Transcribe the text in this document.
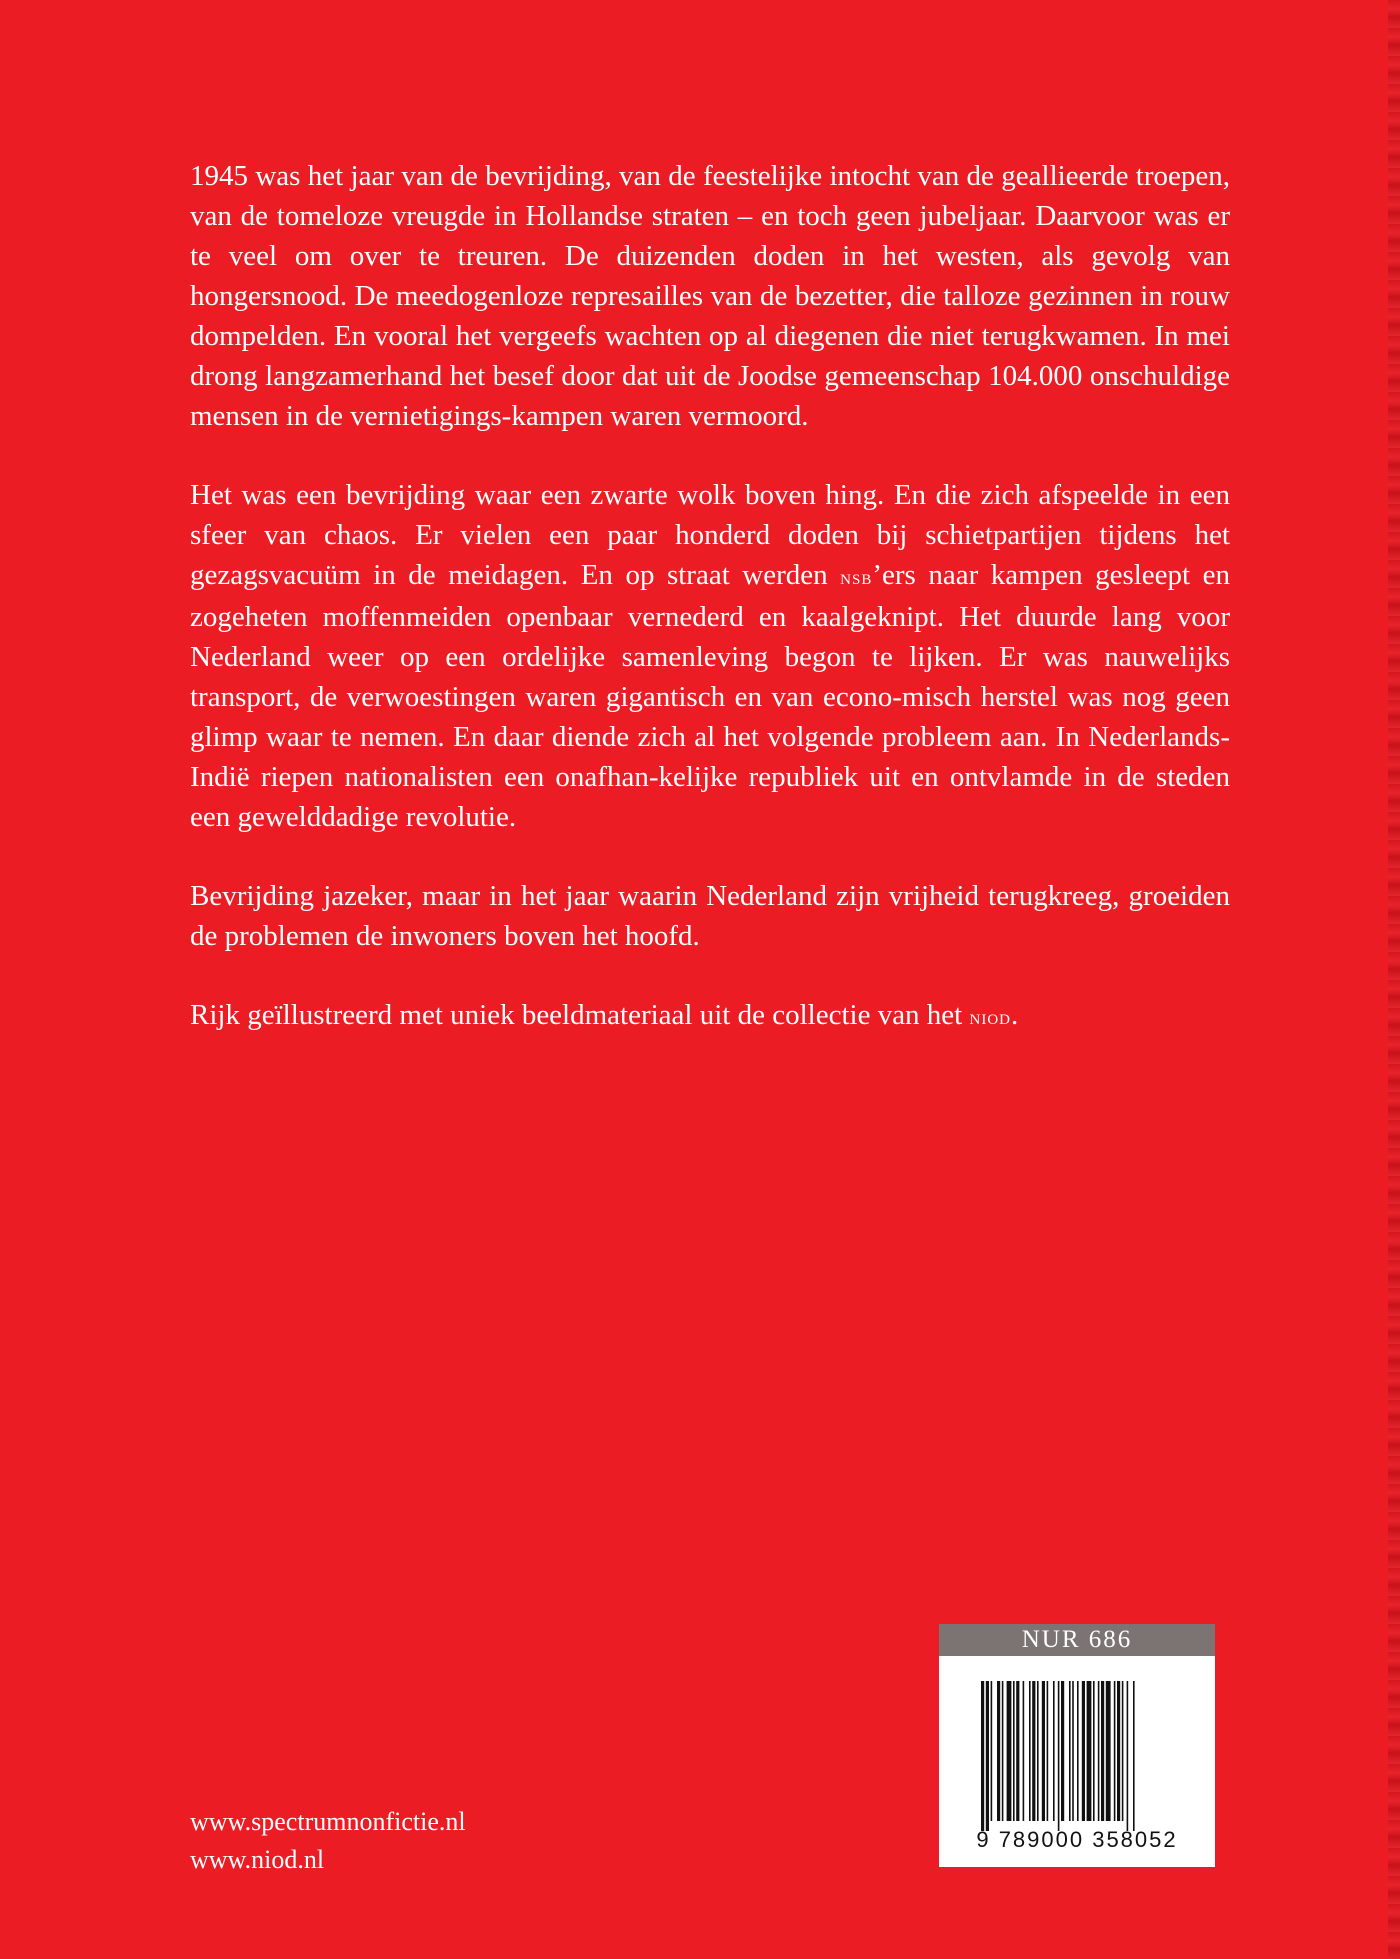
1945 was het jaar van de bevrijding, van de feestelijke intocht van de geallieerde troepen, van de tomeloze vreugde in Hollandse straten – en toch geen jubeljaar. Daarvoor was er te veel om over te treuren. De duizenden doden in het westen, als gevolg van hongersnood. De meedogenloze represailles van de bezetter, die talloze gezinnen in rouw dompelden. En vooral het vergeefs wachten op al diegenen die niet terugkwamen. In mei drong langzamerhand het besef door dat uit de Joodse gemeenschap 104.000 onschuldige mensen in de vernietigings-kampen waren vermoord.

Het was een bevrijding waar een zwarte wolk boven hing. En die zich afspeelde in een sfeer van chaos. Er vielen een paar honderd doden bij schietpartijen tijdens het gezagsvacuüm in de meidagen. En op straat werden nsb’ers naar kampen gesleept en zogeheten moffenmeiden openbaar vernederd en kaalgeknipt. Het duurde lang voor Nederland weer op een ordelijke samenleving begon te lijken. Er was nauwelijks transport, de verwoestingen waren gigantisch en van econo-misch herstel was nog geen glimp waar te nemen. En daar diende zich al het volgende probleem aan. In Nederlands-Indië riepen nationalisten een onafhan-kelijke republiek uit en ontvlamde in de steden een gewelddadige revolutie.

Bevrijding jazeker, maar in het jaar waarin Nederland zijn vrijheid terugkreeg, groeiden de problemen de inwoners boven het hoofd.

Rijk geïllustreerd met uniek beeldmateriaal uit de collectie van het niod.

www.spectrumnonfictie.nl
www.niod.nl
NUR 686
9 789000 358052
